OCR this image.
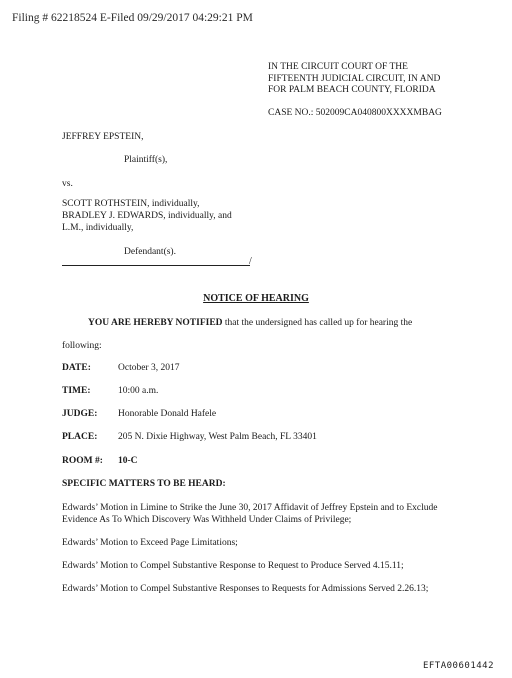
Filing # 62218524 E-Filed 09/29/2017 04:29:21 PM
IN THE CIRCUIT COURT OF THE
FIFTEENTH JUDICIAL CIRCUIT, IN AND
FOR PALM BEACH COUNTY, FLORIDA
CASE NO.: 502009CA040800XXXXMBAG
JEFFREY EPSTEIN,
Plaintiff(s),
vs.
SCOTT ROTHSTEIN, individually,
BRADLEY J. EDWARDS, individually, and
L.M., individually,
Defendant(s).
/
NOTICE OF HEARING
YOU ARE HEREBY NOTIFIED that the undersigned has called up for hearing the
following:
DATE:	October 3, 2017
TIME:	10:00 a.m.
JUDGE: Honorable Donald Hafele
PLACE: 205 N. Dixie Highway, West Palm Beach, FL 33401
ROOM #: 10-C
SPECIFIC MATTERS TO BE HEARD:
Edwards’ Motion in Limine to Strike the June 30, 2017 Affidavit of Jeffrey Epstein and to Exclude Evidence As To Which Discovery Was Withheld Under Claims of Privilege;
Edwards’ Motion to Exceed Page Limitations;
Edwards’ Motion to Compel Substantive Response to Request to Produce Served 4.15.11;
Edwards’ Motion to Compel Substantive Responses to Requests for Admissions Served 2.26.13;
EFTA00601442
